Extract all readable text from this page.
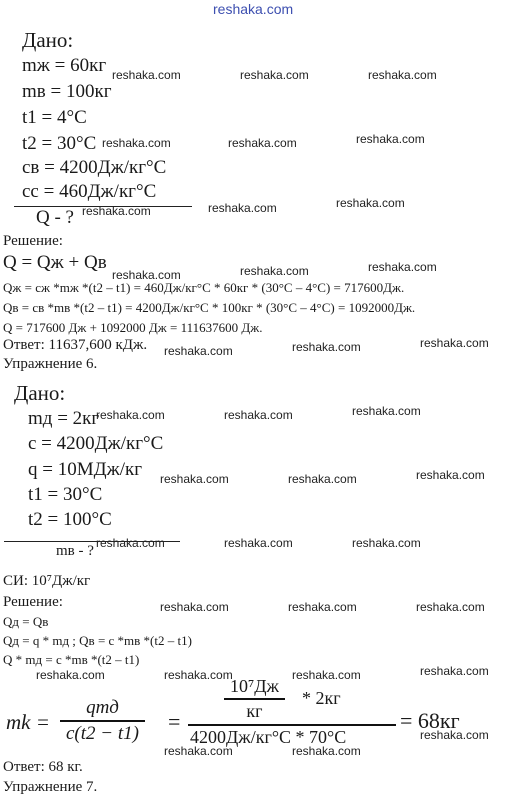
reshaka.com
Дано:
mж = 60кг
mв = 100кг
t1 = 4°C
t2 = 30°C
cв = 4200Дж/кг°C
cс = 460Дж/кг°C
Q - ?
Решение:
Q = Qж + Qв
Qж = cж *mж *(t2 – t1) = 460Дж/кг°C * 60кг * (30°C – 4°C) = 717600Дж.
Qв = cв *mв *(t2 – t1) = 4200Дж/кг°C * 100кг * (30°C – 4°C) = 1092000Дж.
Q = 717600 Дж + 1092000 Дж = 111637600 Дж.
Ответ: 11637,600 кДж.
Упражнение 6.
Дано:
mд = 2кг
c = 4200Дж/кг°C
q = 10МДж/кг
t1 = 30°C
t2 = 100°C
mв - ?
СИ: 10⁷Дж/кг
Решение:
Qд = Qв
Qд = q * mд ; Qв = c *mв *(t2 – t1)
Q * mд = c *mв *(t2 – t1)
mk =
qmд
c(t2 − t1) =
10⁷Дж
кг
* 2кг
4200Дж/кг°C * 70°C
= 68кг
Ответ: 68 кг.
Упражнение 7.
reshaka.com	reshaka.com	reshaka.com
reshaka.com	reshaka.com	reshaka.com
reshaka.com	reshaka.com	reshaka.com
reshaka.com	reshaka.com	reshaka.com
reshaka.com	reshaka.com	reshaka.com
reshaka.com	reshaka.com	reshaka.com
reshaka.com	reshaka.com	reshaka.com
reshaka.com	reshaka.com	reshaka.com
reshaka.com	reshaka.com	reshaka.com
reshaka.com	reshaka.com	reshaka.com	reshaka.com
reshaka.com
reshaka.com	reshaka.com
